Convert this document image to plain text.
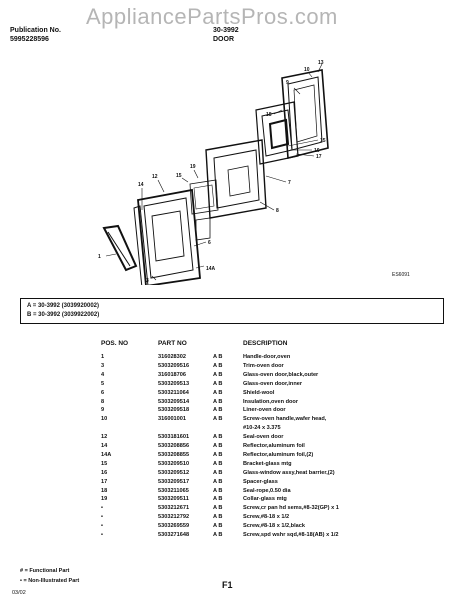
AppliancePartsPros.com
Publication No.
5995228596
30-3992
DOOR
13
10
9
18
17
15
16
7
8
15
19
12
14
6
14A
3
1
ES6091
A = 30-3992 (3039920002)
B = 30-3992 (3039922002)
POS. NO	PART NO	DESCRIPTION
1	316028302	A B	Handle-door,oven
3	5303209516	A B	Trim-oven door
4	316018706	A B	Glass-oven door,black,outer
5	5303209513	A B	Glass-oven door,inner
6	5303211064	A B	Shield-wool
8	5303209514	A B	Insulation,oven door
9	5303209518	A B	Liner-oven door
10	316001001	A B	Screw-oven handle,wafer head,
#10-24 x 3.375
12	5303181601	A B	Seal-oven door
14	5303208856	A B	Reflector,aluminum foil
14A	5303208855	A B	Reflector,aluminum foil,(2)
15	5303209510	A B	Bracket-glass mtg
16	5303209512	A B	Glass-window assy,heat barrier,(2)
17	5303209517	A B	Spacer-glass
18	5303211065	A B	Seal-rope,0.50 dia
19	5303209511	A B	Collar-glass mtg
•	5303212671	A B	Screw,cr pan hd sems,#8-32(GP) x 1
•	5303212792	A B	Screw,#8-18 x 1/2
•	5303269559	A B	Screw,#8-18 x 1/2,black
•	5303271648	A B	Screw,spd wshr sqd,#8-18(AB) x 1/2
# = Functional Part
• = Non-Illustrated Part	F1
03/02
